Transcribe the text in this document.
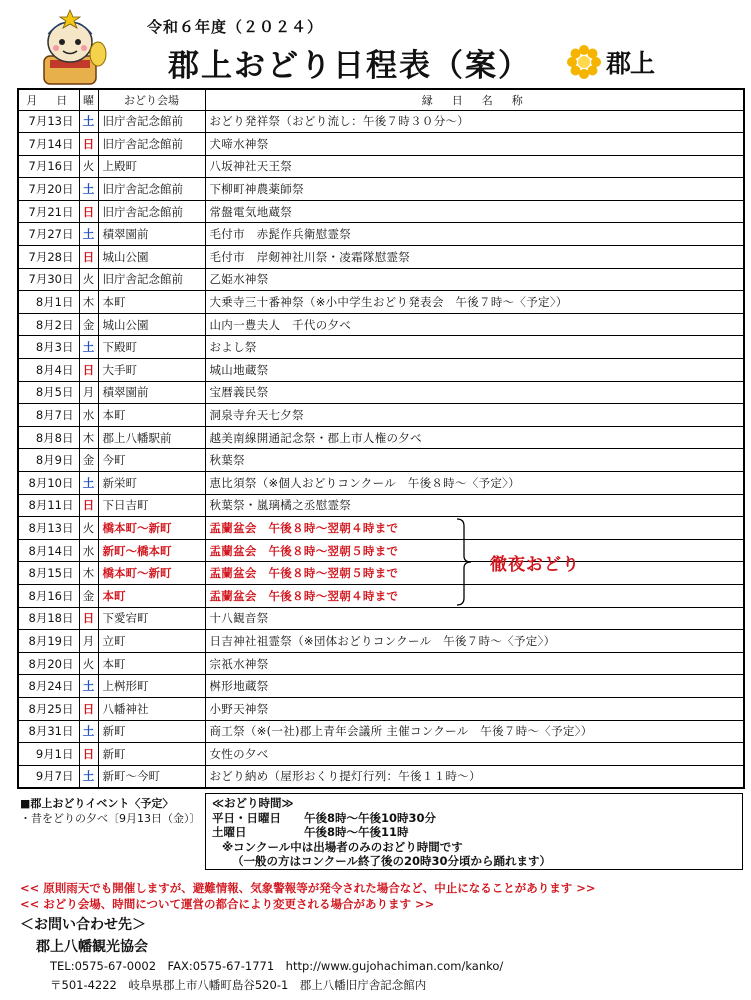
令和６年度（２０２４）
郡上おどり日程表（案）	郡上
月　日	曜	おどり会場	縁　日　名　称
7月13日	土	旧庁舎記念館前	おどり発祥祭（おどり流し：午後７時３０分～）
7月14日	日	旧庁舎記念館前	犬啼水神祭
7月16日	火	上殿町	八坂神社天王祭
7月20日	土	旧庁舎記念館前	下柳町神農薬師祭
7月21日	日	旧庁舎記念館前	常盤電気地蔵祭
7月27日	土	積翠園前	毛付市　赤髭作兵衛慰霊祭
7月28日	日	城山公園	毛付市　岸剱神社川祭・凌霜隊慰霊祭
7月30日	火	旧庁舎記念館前	乙姫水神祭
8月1日	木	本町	大乗寺三十番神祭（※小中学生おどり発表会　午後７時～〈予定〉）
8月2日	金	城山公園	山内一豊夫人　千代の夕べ
8月3日	土	下殿町	およし祭
8月4日	日	大手町	城山地蔵祭
8月5日	月	積翠園前	宝暦義民祭
8月7日	水	本町	洞泉寺弁天七夕祭
8月8日	木	郡上八幡駅前	越美南線開通記念祭・郡上市人権の夕べ
8月9日	金	今町	秋葉祭
8月10日	土	新栄町	恵比須祭（※個人おどりコンクール　午後８時～〈予定〉）
8月11日	日	下日吉町	秋葉祭・嵐璃橘之丞慰霊祭
8月13日	火	橋本町～新町	盂蘭盆会　午後８時～翌朝４時まで
8月14日	水	新町～橋本町	盂蘭盆会　午後８時～翌朝５時まで
8月15日	木	橋本町～新町	盂蘭盆会　午後８時～翌朝５時まで
8月16日	金	本町	盂蘭盆会　午後８時～翌朝４時まで
8月18日	日	下愛宕町	十八観音祭
8月19日	月	立町	日吉神社祖霊祭（※団体おどりコンクール　午後７時～〈予定〉）
8月20日	火	本町	宗祇水神祭
8月24日	土	上桝形町	桝形地蔵祭
8月25日	日	八幡神社	小野天神祭
8月31日	土	新町	商工祭（※(一社)郡上青年会議所 主催コンクール　午後７時～〈予定〉）
9月1日	日	新町	女性の夕べ
9月7日	土	新町～今町	おどり納め（屋形おくり提灯行列：午後１１時～）
徹夜おどり
■郡上おどりイベント〈予定〉
・昔をどりの夕べ〔9月13日（金）〕
≪おどり時間≫
平日・日曜日	午後8時～午後10時30分
土曜日	午後8時～午後11時
※コンクール中は出場者のみのおどり時間です
（一般の方はコンクール終了後の20時30分頃から踊れます）
<< 原則雨天でも開催しますが、避難情報、気象警報等が発令された場合など、中止になることがあります >>
<< おどり会場、時間について運営の都合により変更される場合があります >>
＜お問い合わせ先＞
郡上八幡観光協会
TEL:0575-67-0002　FAX:0575-67-1771　http://www.gujohachiman.com/kanko/
〒501-4222　岐阜県郡上市八幡町島谷520-1　郡上八幡旧庁舎記念館内
